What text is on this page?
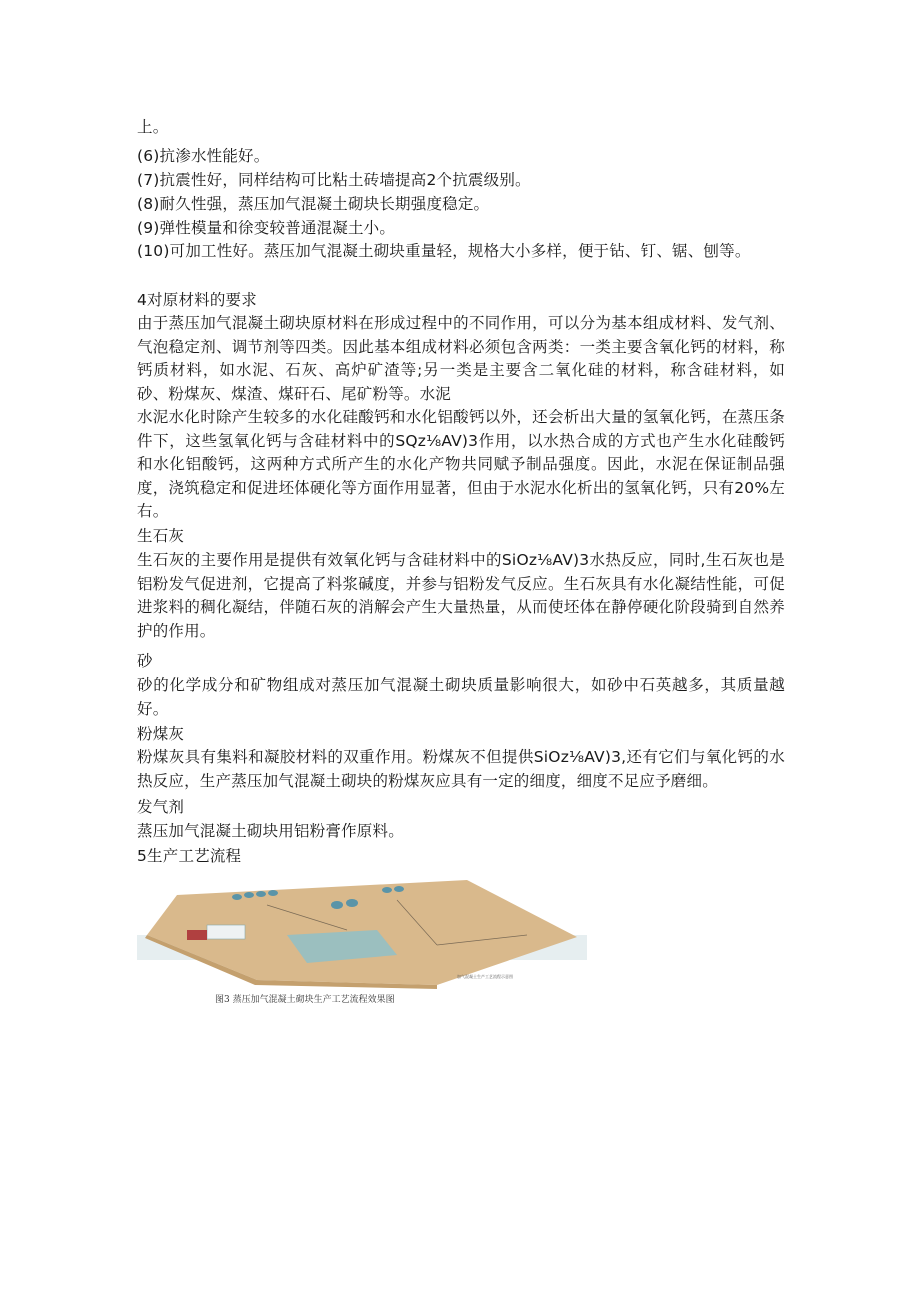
上。
(6)抗渗水性能好。
(7)抗震性好，同样结构可比粘土砖墙提高2个抗震级别。
(8)耐久性强，蒸压加气混凝土砌块长期强度稳定。
(9)弹性模量和徐变较普通混凝土小。
(10)可加工性好。蒸压加气混凝土砌块重量轻，规格大小多样，便于钻、钉、锯、刨等。
4对原材料的要求
由于蒸压加气混凝土砌块原材料在形成过程中的不同作用，可以分为基本组成材料、发气剂、气泡稳定剂、调节剂等四类。因此基本组成材料必须包含两类：一类主要含氧化钙的材料，称钙质材料，如水泥、石灰、高炉矿渣等;另一类是主要含二氧化硅的材料，称含硅材料，如砂、粉煤灰、煤渣、煤矸石、尾矿粉等。水泥
水泥水化时除产生较多的水化硅酸钙和水化铝酸钙以外，还会析出大量的氢氧化钙，在蒸压条件下，这些氢氧化钙与含硅材料中的SQz⅛AV)3作用，以水热合成的方式也产生水化硅酸钙和水化铝酸钙，这两种方式所产生的水化产物共同赋予制品强度。因此，水泥在保证制品强度，浇筑稳定和促进坯体硬化等方面作用显著，但由于水泥水化析出的氢氧化钙，只有20%左右。
生石灰
生石灰的主要作用是提供有效氧化钙与含硅材料中的SiOz⅛AV)3水热反应，同时,生石灰也是铝粉发气促进剂，它提高了料浆碱度，并参与铝粉发气反应。生石灰具有水化凝结性能，可促进浆料的稠化凝结，伴随石灰的消解会产生大量热量，从而使坯体在静停硬化阶段骑到自然养护的作用。
砂
砂的化学成分和矿物组成对蒸压加气混凝土砌块质量影响很大，如砂中石英越多，其质量越好。
粉煤灰
粉煤灰具有集料和凝胶材料的双重作用。粉煤灰不但提供SiOz⅛AV)3,还有它们与氧化钙的水热反应，生产蒸压加气混凝土砌块的粉煤灰应具有一定的细度，细度不足应予磨细。
发气剂
蒸压加气混凝土砌块用铝粉膏作原料。
5生产工艺流程
加气混凝土生产工艺流程示意图
图3 蒸压加气混凝土砌块生产工艺流程效果图
